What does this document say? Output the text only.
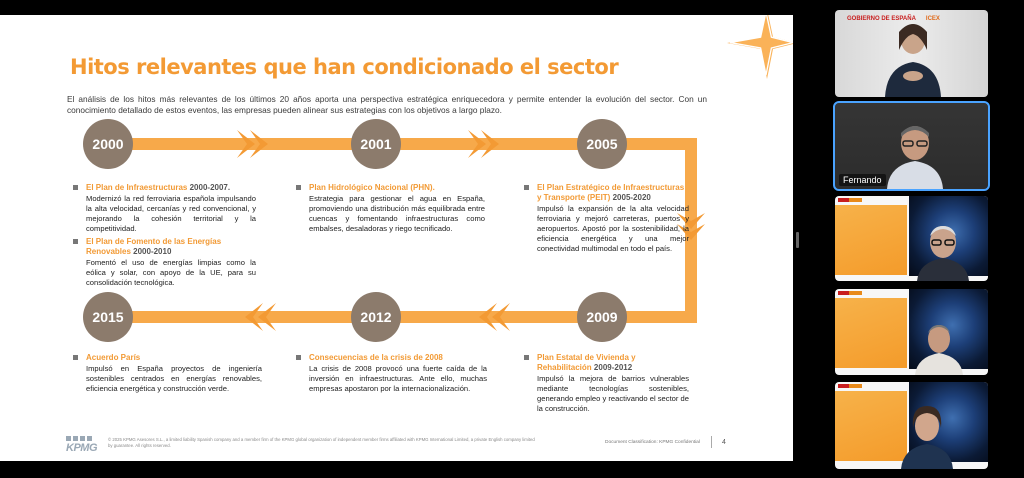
Hitos relevantes que han condicionado el sector
El análisis de los hitos más relevantes de los últimos 20 años aporta una perspectiva estratégica enriquecedora y permite entender la evolución del sector. Con un conocimiento detallado de estos eventos, las empresas pueden alinear sus estrategias con los objetivos a largo plazo.
2000	2001	2005
2009
2012
2015
El Plan de Infraestructuras 2000-2007.

Modernizó la red ferroviaria española impulsando la alta velocidad, cercanías y red convencional, y mejorando la cohesión territorial y la competitividad.

El Plan de Fomento de las Energías Renovables 2000-2010

Fomentó el uso de energías limpias como la eólica y solar, con apoyo de la UE, para su consolidación tecnológica.

Plan Hidrológico Nacional (PHN).

Estrategia para gestionar el agua en España, promoviendo una distribución más equilibrada entre cuencas y fomentando infraestructuras como embalses, desaladoras y riego tecnificado.

El Plan Estratégico de Infraestructuras y Transporte (PEIT) 2005-2020

Impulsó la expansión de la alta velocidad ferroviaria y mejoró carreteras, puertos y aeropuertos. Apostó por la sostenibilidad, la eficiencia energética y una mejor conectividad multimodal en todo el país.

Plan Estatal de Vivienda y Rehabilitación 2009-2012

Impulsó la mejora de barrios vulnerables mediante tecnologías sostenibles, generando empleo y reactivando el sector de la construcción.

Consecuencias de la crisis de 2008

La crisis de 2008 provocó una fuerte caída de la inversión en infraestructuras. Ante ello, muchas empresas apostaron por la internacionalización.

Acuerdo París

Impulsó en España proyectos de ingeniería sostenibles centrados en energías renovables, eficiencia energética y construcción verde.

KPMG
© 2025 KPMG Asesores S.L., a limited liability Spanish company and a member firm of the KPMG global organization of independent member firms affiliated with KPMG International Limited, a private English company limited by guarantee. All rights reserved.
Document Classification: KPMG Confidential	4
GOBIERNO DE ESPAÑA ICEX
Fernando
